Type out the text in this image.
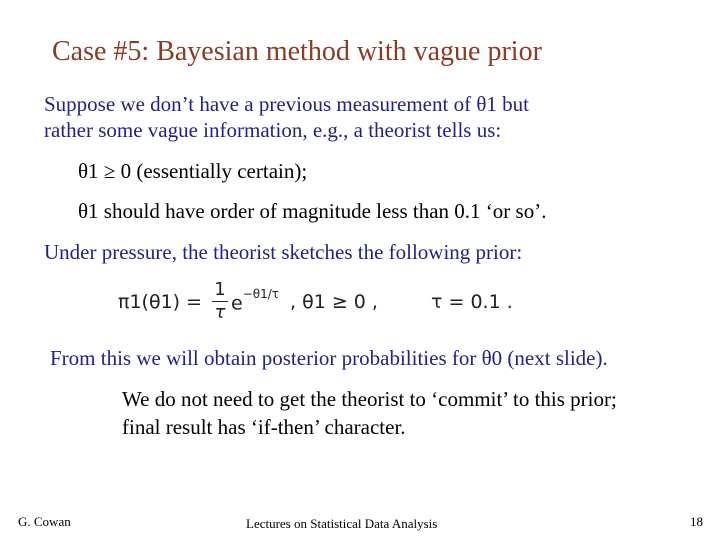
Case #5: Bayesian method with vague prior
Suppose we don’t have a previous measurement of θ1 but
rather some vague information, e.g., a theorist tells us:
θ1 ≥ 0 (essentially certain);
θ1 should have order of magnitude less than 0.1 ‘or so’.
Under pressure, the theorist sketches the following prior:
π1(θ1) =
1
τ $e^{-\theta 1/\tau}$ , θ1 ≥ 0 ,	τ = 0.1 .
From this we will obtain posterior probabilities for θ0 (next slide).
We do not need to get the theorist to ‘commit’ to this prior;
final result has ‘if-then’ character.
G. Cowan	Lectures on Statistical Data Analysis	18
